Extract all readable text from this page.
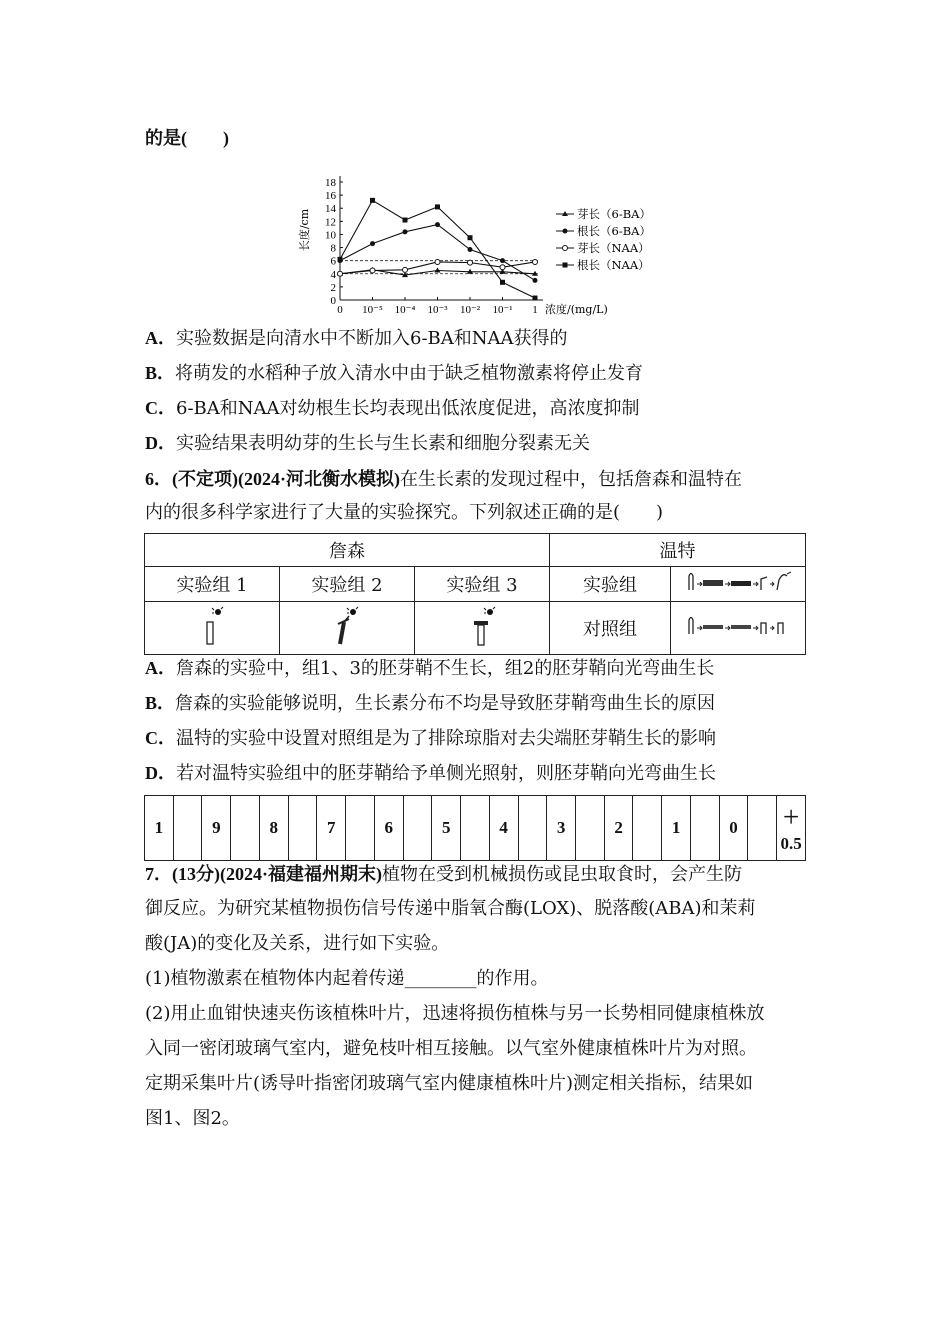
的是(　　)
0
2
4
6
8
10
12
14
16
18
0 10⁻⁵ 10⁻⁴ 10⁻³ 10⁻² 10⁻¹ 1
长度/cm
浓度/(mg/L)
芽长（6-BA）
根长（6-BA）
芽长（NAA）
根长（NAA）
A．实验数据是向清水中不断加入6-BA和NAA获得的
B．将萌发的水稻种子放入清水中由于缺乏植物激素将停止发育
C．6-BA和NAA对幼根生长均表现出低浓度促进，高浓度抑制
D．实验结果表明幼芽的生长与生长素和细胞分裂素无关
6．(不定项)(2024·河北衡水模拟)在生长素的发现过程中，包括詹森和温特在
内的很多科学家进行了大量的实验探究。下列叙述正确的是(　　)
詹森			温特	
实验组 1	实验组 2	实验组 3	实验组	
			对照组	
A．詹森的实验中，组1、3的胚芽鞘不生长，组2的胚芽鞘向光弯曲生长
B．詹森的实验能够说明，生长素分布不均是导致胚芽鞘弯曲生长的原因
C．温特的实验中设置对照组是为了排除琼脂对去尖端胚芽鞘生长的影响
D．若对温特实验组中的胚芽鞘给予单侧光照射，则胚芽鞘向光弯曲生长
1		9		8		7		6		5		4		3		2		1		0		
＋
0.5
7．(13分)(2024·福建福州期末)植物在受到机械损伤或昆虫取食时，会产生防
御反应。为研究某植物损伤信号传递中脂氧合酶(LOX)、脱落酸(ABA)和茉莉
酸(JA)的变化及关系，进行如下实验。
(1)植物激素在植物体内起着传递________的作用。
(2)用止血钳快速夹伤该植株叶片，迅速将损伤植株与另一长势相同健康植株放
入同一密闭玻璃气室内，避免枝叶相互接触。以气室外健康植株叶片为对照。
定期采集叶片(诱导叶指密闭玻璃气室内健康植株叶片)测定相关指标，结果如
图1、图2。
